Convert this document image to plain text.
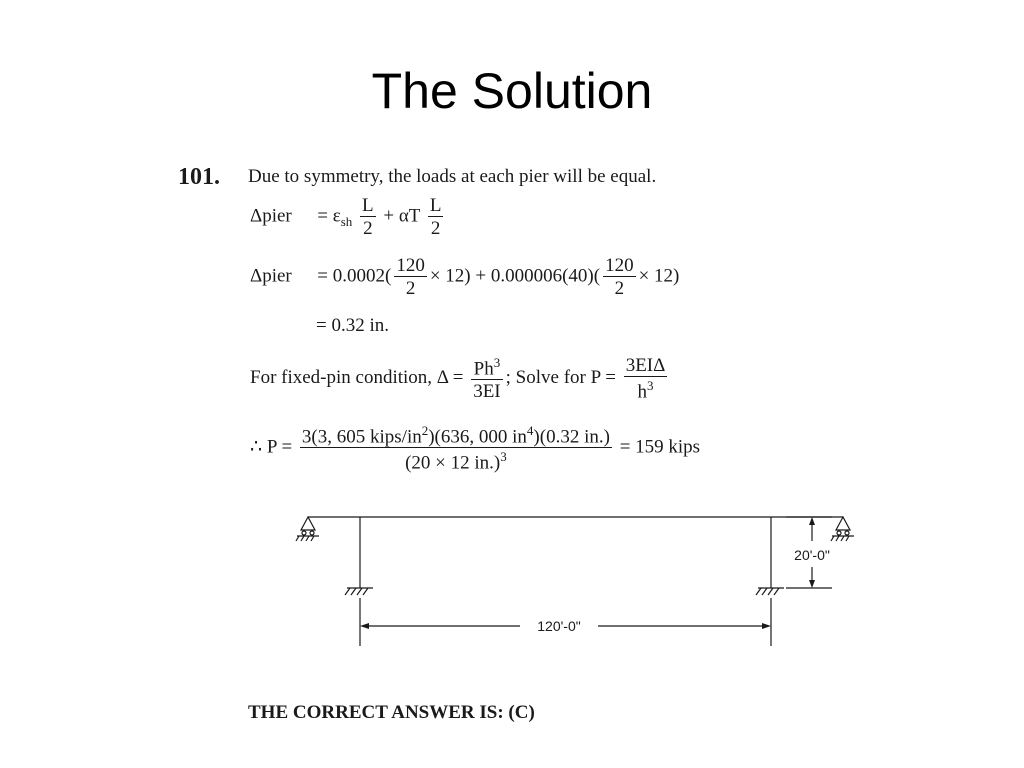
The Solution
101. Due to symmetry, the loads at each pier will be equal.
Δpier = $\varepsilon_{sh} \frac{L}{2} + \alpha T \frac{L}{2}$
Δpier = $0.0002( \frac{120}{2} \times 12) + 0.000006(40)( \frac{120}{2} \times 12)$
= 0.32 in.
For fixed-pin condition, $\Delta = \frac{Ph^3}{3EI}$ ; Solve for $P = \frac{\text{3EIΔ}}{h^3}$
∴ $P = \frac{3(3, 605 kips/in^2)(636, 000 in^4)(0.32 in.)}{(20 \times 12 in.)^3} = 159$ kips
20'-0"
120'-0"
THE CORRECT ANSWER IS: (C)
